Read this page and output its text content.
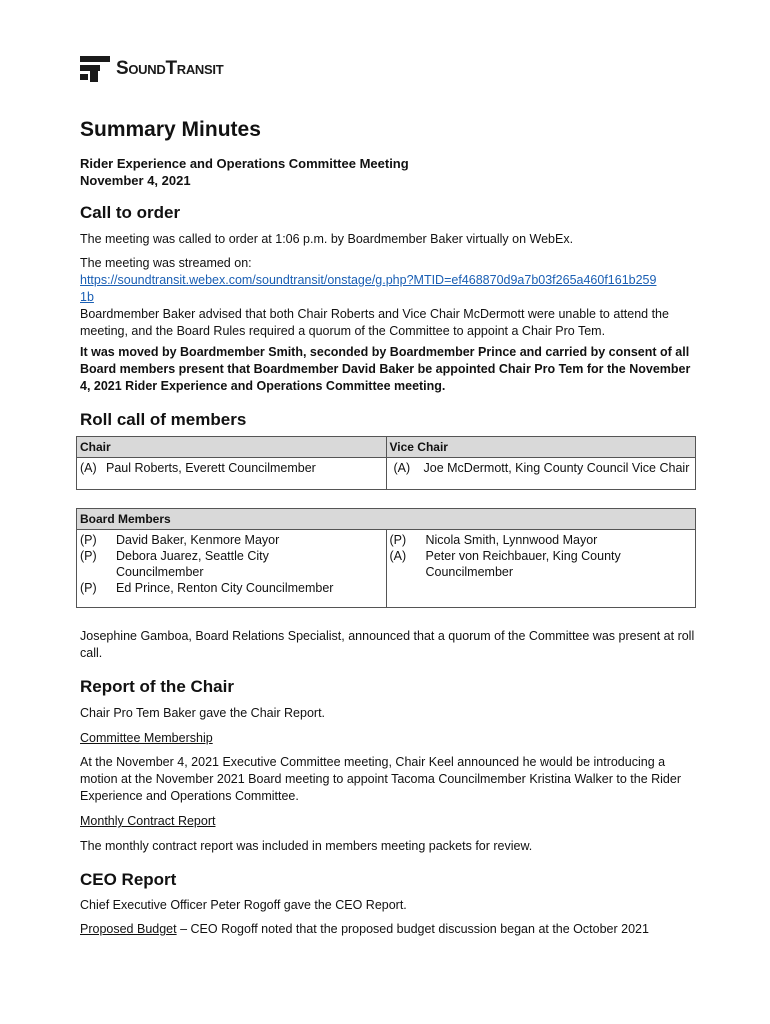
SoundTransit
Summary Minutes
Rider Experience and Operations Committee Meeting
November 4, 2021
Call to order

The meeting was called to order at 1:06 p.m. by Boardmember Baker virtually on WebEx.

The meeting was streamed on:
https://soundtransit.webex.com/soundtransit/onstage/g.php?MTID=ef468870d9a7b03f265a460f161b259
1b
Boardmember Baker advised that both Chair Roberts and Vice Chair McDermott were unable to attend the meeting, and the Board Rules required a quorum of the Committee to appoint a Chair Pro Tem.

It was moved by Boardmember Smith, seconded by Boardmember Prince and carried by consent of all Board members present that Boardmember David Baker be appointed Chair Pro Tem for the November 4, 2021 Rider Experience and Operations Committee meeting.

Roll call of members
Chair	Vice Chair

(A) Paul Roberts, Everett Councilmember	(A) Joe McDermott, King County Council Vice Chair
Board Members

(P)	David Baker, Kenmore Mayor
(P)	Debora Juarez, Seattle City Councilmember
(P)	Ed Prince, Renton City Councilmember

(P)	Nicola Smith, Lynnwood Mayor
(A)	Peter von Reichbauer, King County Councilmember

Josephine Gamboa, Board Relations Specialist, announced that a quorum of the Committee was present at roll call.

Report of the Chair

Chair Pro Tem Baker gave the Chair Report.

Committee Membership

At the November 4, 2021 Executive Committee meeting, Chair Keel announced he would be introducing a motion at the November 2021 Board meeting to appoint Tacoma Councilmember Kristina Walker to the Rider Experience and Operations Committee.

Monthly Contract Report

The monthly contract report was included in members meeting packets for review.

CEO Report

Chief Executive Officer Peter Rogoff gave the CEO Report.

Proposed Budget – CEO Rogoff noted that the proposed budget discussion began at the October 2021
